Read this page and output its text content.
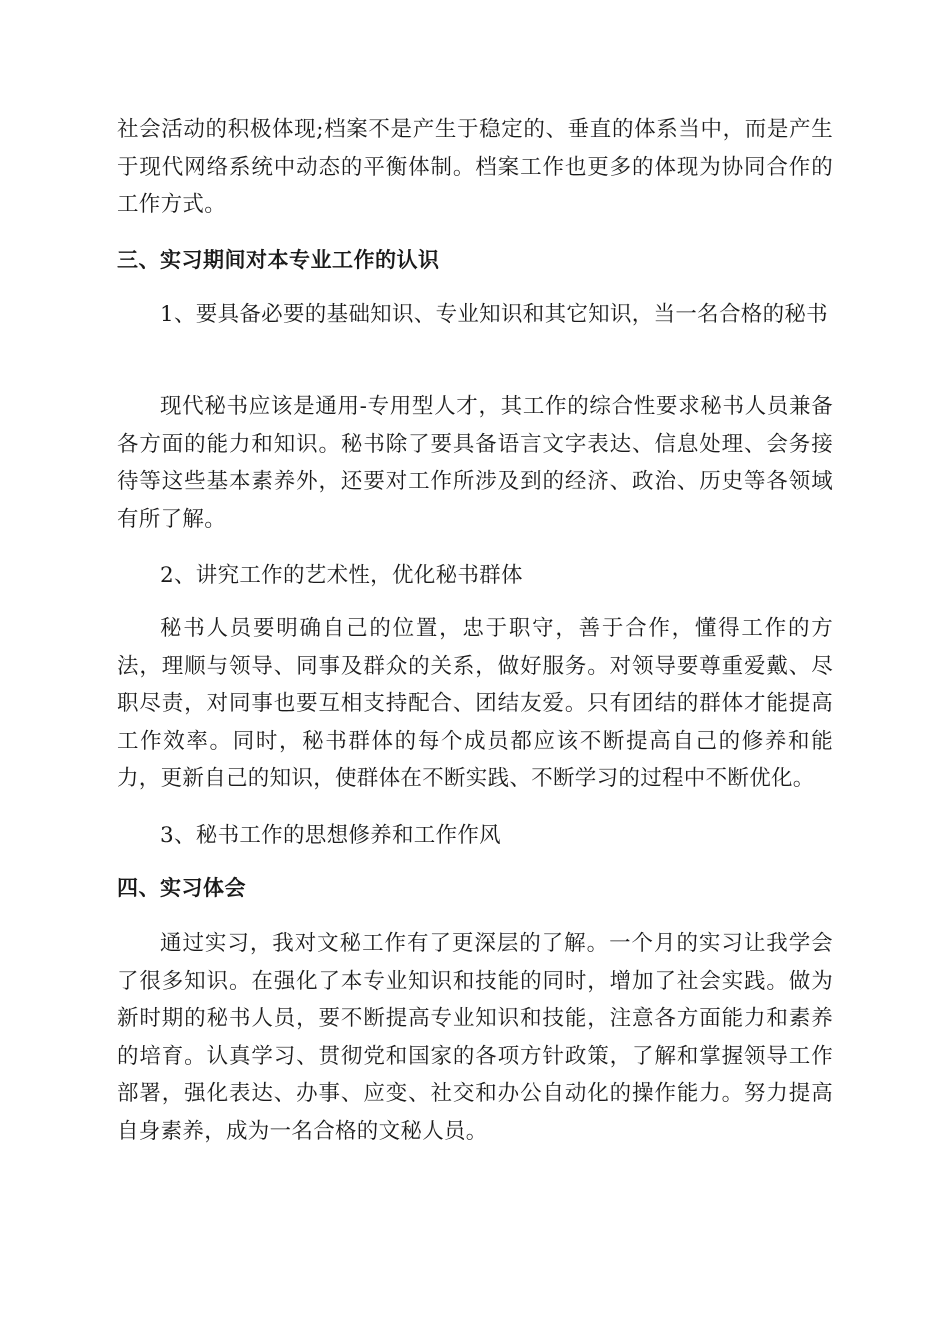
社会活动的积极体现;档案不是产生于稳定的、垂直的体系当中，而是产生于现代网络系统中动态的平衡体制。档案工作也更多的体现为协同合作的工作方式。

三、实习期间对本专业工作的认识

1、要具备必要的基础知识、专业知识和其它知识，当一名合格的秘书

现代秘书应该是通用-专用型人才，其工作的综合性要求秘书人员兼备各方面的能力和知识。秘书除了要具备语言文字表达、信息处理、会务接待等这些基本素养外，还要对工作所涉及到的经济、政治、历史等各领域有所了解。

2、讲究工作的艺术性，优化秘书群体

秘书人员要明确自己的位置，忠于职守，善于合作，懂得工作的方法，理顺与领导、同事及群众的关系，做好服务。对领导要尊重爱戴、尽职尽责，对同事也要互相支持配合、团结友爱。只有团结的群体才能提高工作效率。同时，秘书群体的每个成员都应该不断提高自己的修养和能力，更新自己的知识，使群体在不断实践、不断学习的过程中不断优化。

3、秘书工作的思想修养和工作作风

四、实习体会

通过实习，我对文秘工作有了更深层的了解。一个月的实习让我学会了很多知识。在强化了本专业知识和技能的同时，增加了社会实践。做为新时期的秘书人员，要不断提高专业知识和技能，注意各方面能力和素养的培育。认真学习、贯彻党和国家的各项方针政策，了解和掌握领导工作部署，强化表达、办事、应变、社交和办公自动化的操作能力。努力提高自身素养，成为一名合格的文秘人员。
